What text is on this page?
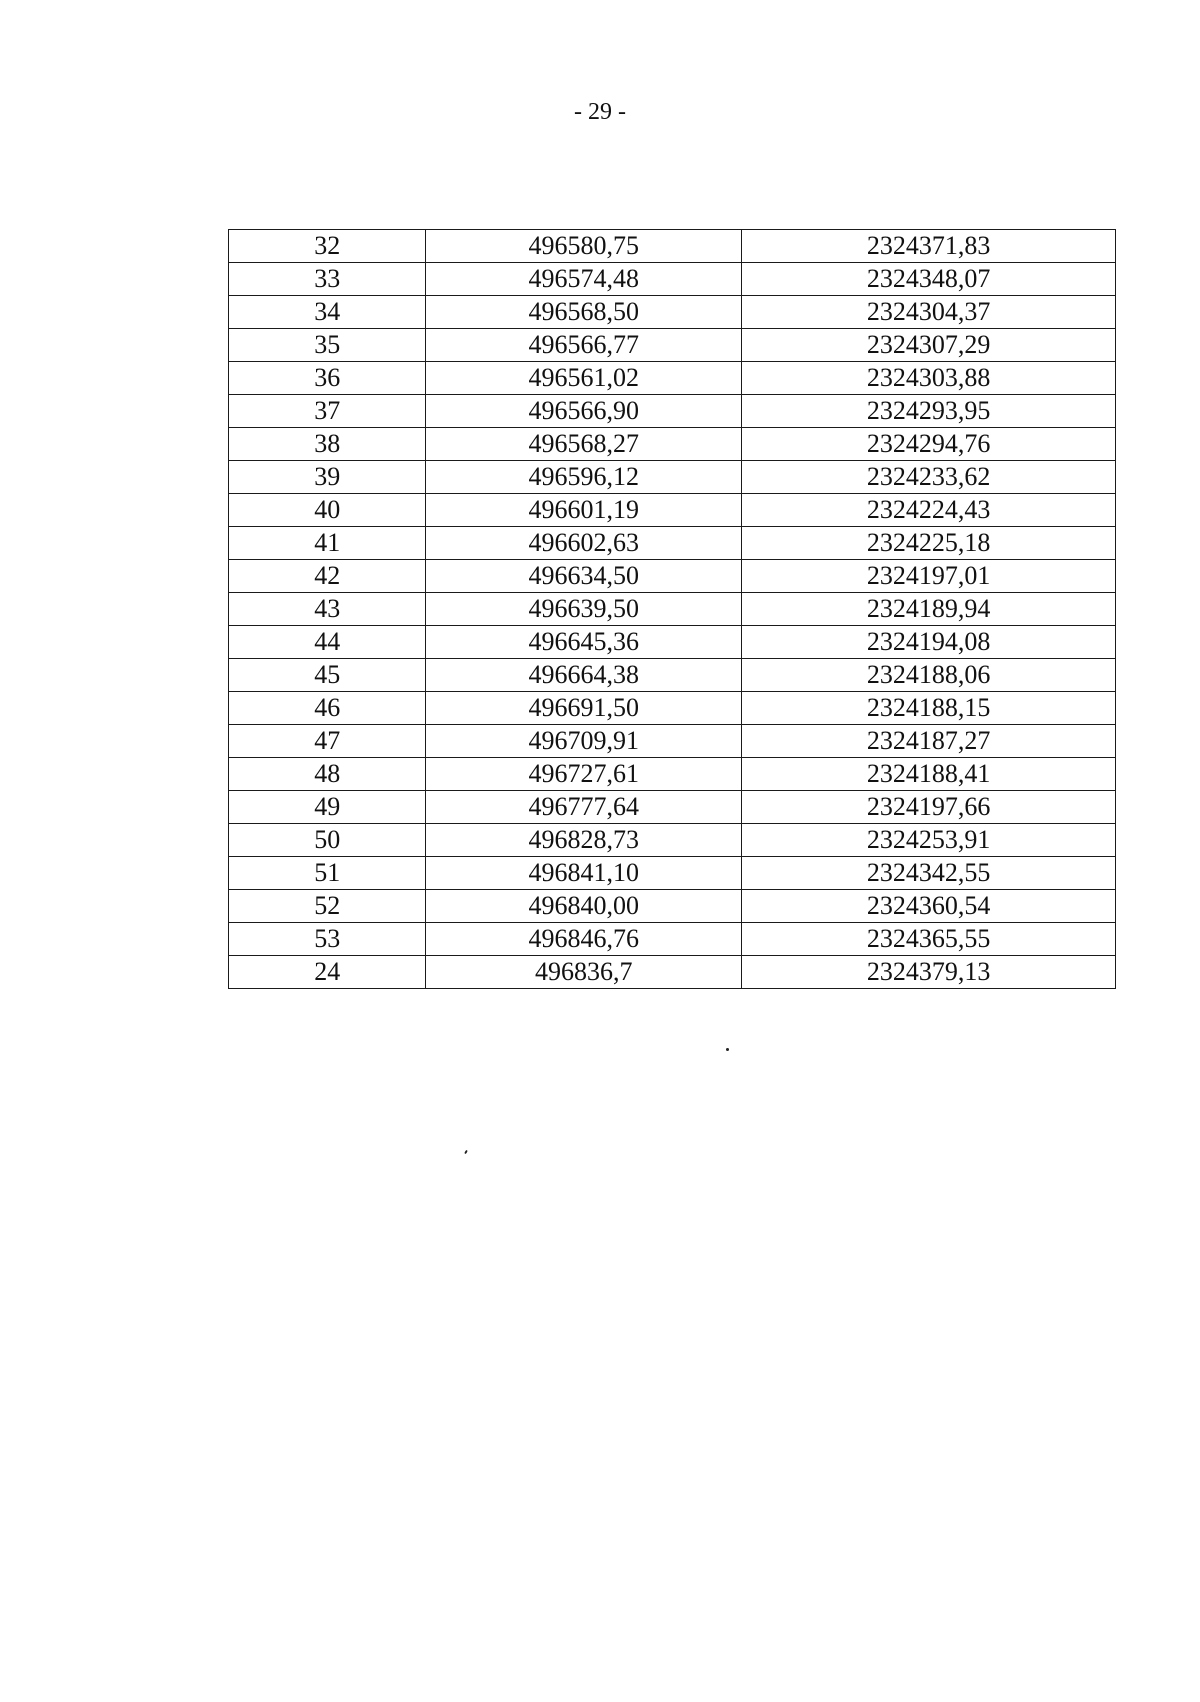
- 29 -
32	496580,75	2324371,83
33	496574,48	2324348,07
34	496568,50	2324304,37
35	496566,77	2324307,29
36	496561,02	2324303,88
37	496566,90	2324293,95
38	496568,27	2324294,76
39	496596,12	2324233,62
40	496601,19	2324224,43
41	496602,63	2324225,18
42	496634,50	2324197,01
43	496639,50	2324189,94
44	496645,36	2324194,08
45	496664,38	2324188,06
46	496691,50	2324188,15
47	496709,91	2324187,27
48	496727,61	2324188,41
49	496777,64	2324197,66
50	496828,73	2324253,91
51	496841,10	2324342,55
52	496840,00	2324360,54
53	496846,76	2324365,55
24	496836,7	2324379,13
